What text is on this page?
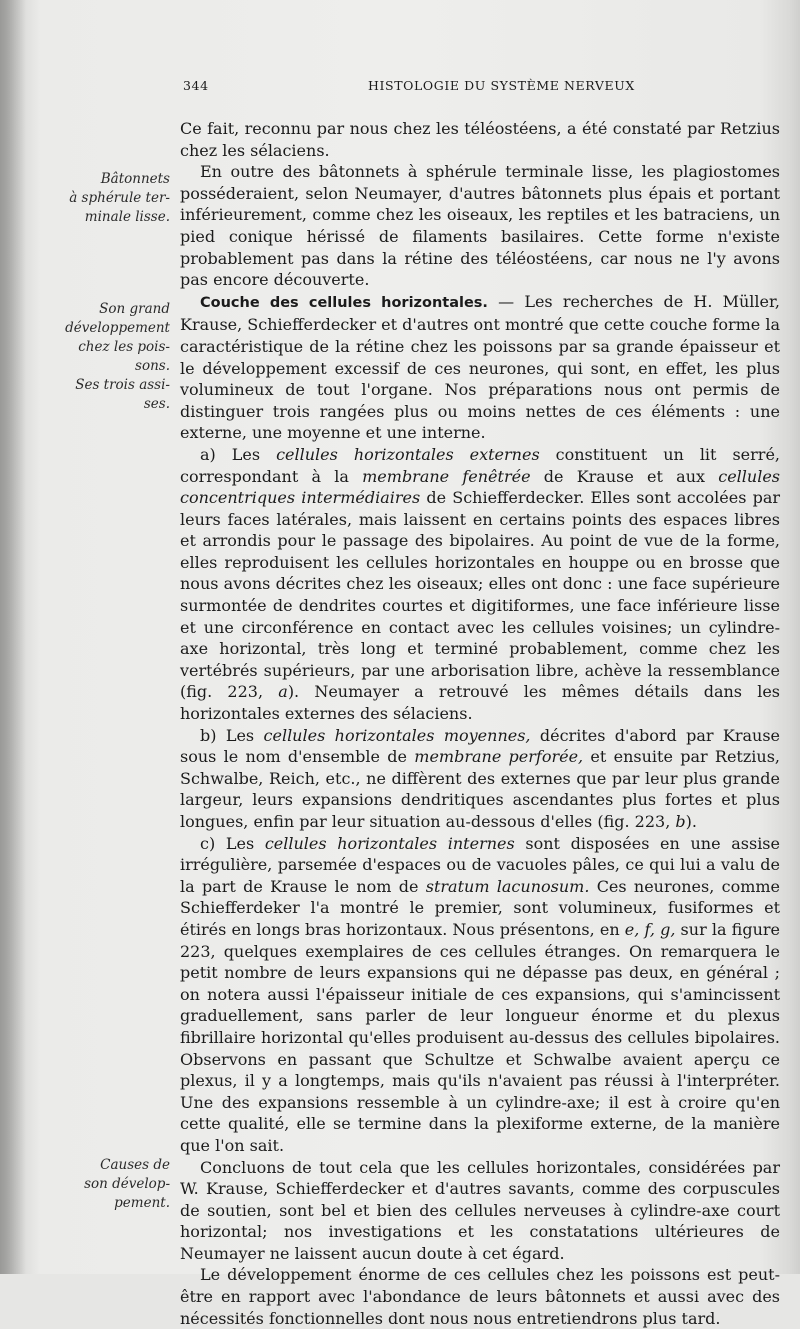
344	HISTOLOGIE DU SYSTÈME NERVEUX
Bâtonnets
à sphérule ter-
minale lisse.
Son grand
développement
chez les pois-
sons.
Ses trois assi-
ses.
Causes de
son dévelop-
pement.

Ce fait, reconnu par nous chez les téléostéens, a été constaté par Retzius chez les sélaciens.

En outre des bâtonnets à sphérule terminale lisse, les plagiostomes posséderaient, selon Neumayer, d'autres bâtonnets plus épais et portant inférieurement, comme chez les oiseaux, les reptiles et les batraciens, un pied conique hérissé de filaments basilaires. Cette forme n'existe probablement pas dans la rétine des téléostéens, car nous ne l'y avons pas encore découverte.

Couche des cellules horizontales. — Les recherches de H. Müller, Krause, Schiefferdecker et d'autres ont montré que cette couche forme la caractéristique de la rétine chez les poissons par sa grande épaisseur et le développement excessif de ces neurones, qui sont, en effet, les plus volumineux de tout l'organe. Nos préparations nous ont permis de distinguer trois rangées plus ou moins nettes de ces éléments : une externe, une moyenne et une interne.

a) Les cellules horizontales externes constituent un lit serré, correspondant à la membrane fenêtrée de Krause et aux cellules concentriques intermédiaires de Schiefferdecker. Elles sont accolées par leurs faces latérales, mais laissent en certains points des espaces libres et arrondis pour le passage des bipolaires. Au point de vue de la forme, elles reproduisent les cellules horizontales en houppe ou en brosse que nous avons décrites chez les oiseaux; elles ont donc : une face supérieure surmontée de dendrites courtes et digitiformes, une face inférieure lisse et une circonférence en contact avec les cellules voisines; un cylindre-axe horizontal, très long et terminé probablement, comme chez les vertébrés supérieurs, par une arborisation libre, achève la ressemblance (fig. 223, a). Neumayer a retrouvé les mêmes détails dans les horizontales externes des sélaciens.

b) Les cellules horizontales moyennes, décrites d'abord par Krause sous le nom d'ensemble de membrane perforée, et ensuite par Retzius, Schwalbe, Reich, etc., ne diffèrent des externes que par leur plus grande largeur, leurs expansions dendritiques ascendantes plus fortes et plus longues, enfin par leur situation au-dessous d'elles (fig. 223, b).

c) Les cellules horizontales internes sont disposées en une assise irrégulière, parsemée d'espaces ou de vacuoles pâles, ce qui lui a valu de la part de Krause le nom de stratum lacunosum. Ces neurones, comme Schiefferdeker l'a montré le premier, sont volumineux, fusiformes et étirés en longs bras horizontaux. Nous présentons, en e, f, g, sur la figure 223, quelques exemplaires de ces cellules étranges. On remarquera le petit nombre de leurs expansions qui ne dépasse pas deux, en général ; on notera aussi l'épaisseur initiale de ces expansions, qui s'amincissent graduellement, sans parler de leur longueur énorme et du plexus fibrillaire horizontal qu'elles produisent au-dessus des cellules bipolaires. Observons en passant que Schultze et Schwalbe avaient aperçu ce plexus, il y a longtemps, mais qu'ils n'avaient pas réussi à l'interpréter. Une des expansions ressemble à un cylindre-axe; il est à croire qu'en cette qualité, elle se termine dans la plexiforme externe, de la manière que l'on sait.

Concluons de tout cela que les cellules horizontales, considérées par W. Krause, Schiefferdecker et d'autres savants, comme des corpuscules de soutien, sont bel et bien des cellules nerveuses à cylindre-axe court horizontal; nos investigations et les constatations ultérieures de Neumayer ne laissent aucun doute à cet égard.

Le développement énorme de ces cellules chez les poissons est peut-être en rapport avec l'abondance de leurs bâtonnets et aussi avec des nécessités fonctionnelles dont nous nous entretiendrons plus tard.
